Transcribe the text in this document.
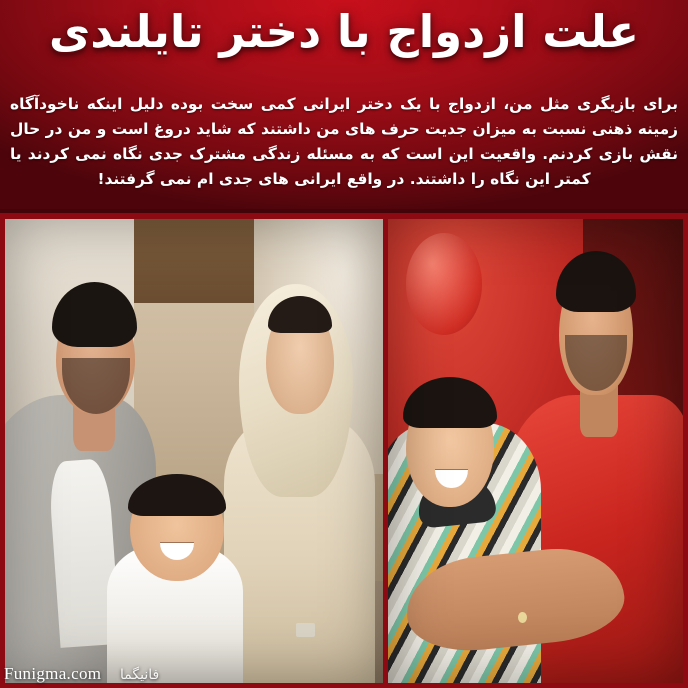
علت ازدواج با دختر تایلندی

برای بازیگری مثل من، ازدواج با یک دختر ایرانی کمی سخت بوده دلیل اینکه ناخودآگاه زمینه ذهنی نسبت به میزان جدیت حرف های من داشتند که شاید دروغ است و من در حال نقش بازی کردنم. واقعیت این است که به مسئله زندگی مشترک جدی نگاه نمی کردند یا کمتر این نگاه را داشتند. در واقع ایرانی های جدی ام نمی گرفتند!

Funigma.com فانیگما
